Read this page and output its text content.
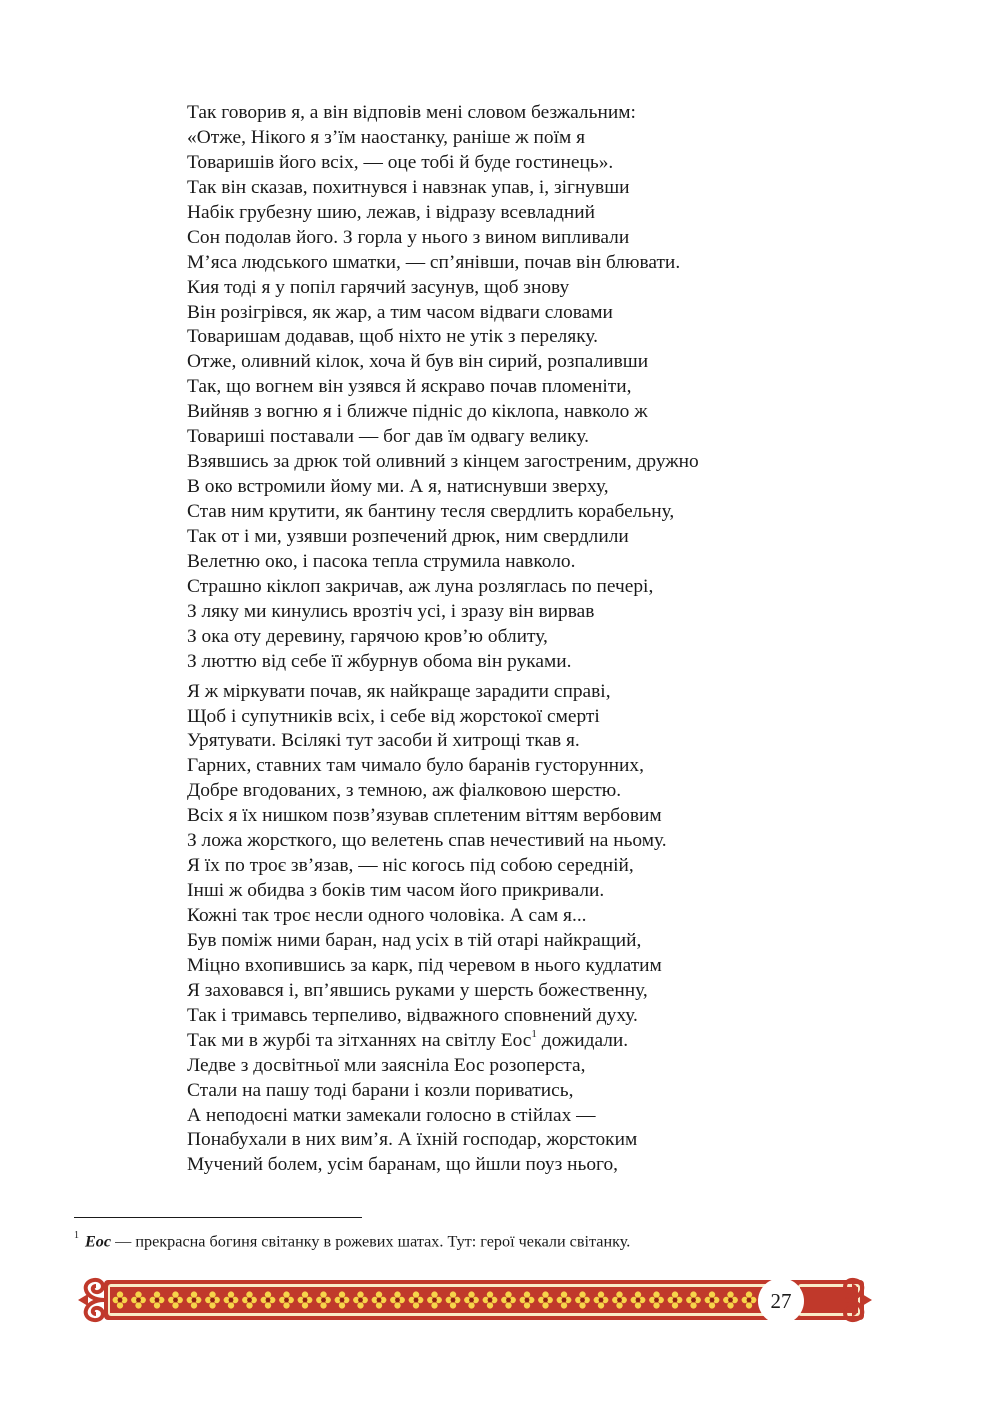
Так говорив я, а він відповів мені словом безжальним:
«Отже, Нікого я з’їм наостанку, раніше ж поїм я
Товаришів його всіх, — оце тобі й буде гостинець».
Так він сказав, похитнувся і навзнак упав, і, зігнувши
Набік грубезну шию, лежав, і відразу всевладний
Сон подолав його. З горла у нього з вином випливали
М’яса людського шматки, — сп’янівши, почав він блювати.
Кия тоді я у попіл гарячий засунув, щоб знову
Він розігрівся, як жар, а тим часом відваги словами
Товаришам додавав, щоб ніхто не утік з переляку.
Отже, оливний кілок, хоча й був він сирий, розпаливши
Так, що вогнем він узявся й яскраво почав пломеніти,
Вийняв з вогню я і ближче підніс до кіклопа, навколо ж
Товариші поставали — бог дав їм одвагу велику.
Взявшись за дрюк той оливний з кінцем загостреним, дружно
В око встромили йому ми. А я, натиснувши зверху,
Став ним крутити, як бантину тесля свердлить корабельну,
Так от і ми, узявши розпечений дрюк, ним свердлили
Велетню око, і пасока тепла струмила навколо.
Страшно кіклоп закричав, аж луна розляглась по печері,
З ляку ми кинулись врозтіч усі, і зразу він вирвав
З ока оту деревину, гарячою кров’ю облиту,
З люттю від себе її жбурнув обома він руками.
Я ж міркувати почав, як найкраще зарадити справі,
Щоб і супутників всіх, і себе від жорстокої смерті
Урятувати. Всілякі тут засоби й хитрощі ткав я.
Гарних, ставних там чимало було баранів густорунних,
Добре вгодованих, з темною, аж фіалковою шерстю.
Всіх я їх нишком позв’язував сплетеним віттям вербовим
З ложа жорсткого, що велетень спав нечестивий на ньому.
Я їх по троє зв’язав, — ніс когось під собою середній,
Інші ж обидва з боків тим часом його прикривали.
Кожні так троє несли одного чоловіка. А сам я...
Був поміж ними баран, над усіх в тій отарі найкращий,
Міцно вхопившись за карк, під черевом в нього кудлатим
Я заховався і, вп’явшись руками у шерсть божественну,
Так і тримавсь терпеливо, відважного сповнений духу.
Так ми в журбі та зітханнях на світлу Еос$^1$ дожидали.
Ледве з досвітньої мли заясніла Еос розоперста,
Стали на пашу тоді барани і козли пориватись,
А неподоєні матки замекали голосно в стійлах —
Понабухали в них вим’я. А їхній господар, жорстоким
Мучений болем, усім баранам, що йшли поуз нього,
$^1$ Еос — прекрасна богиня світанку в рожевих шатах. Тут: герої чекали світанку.
27
